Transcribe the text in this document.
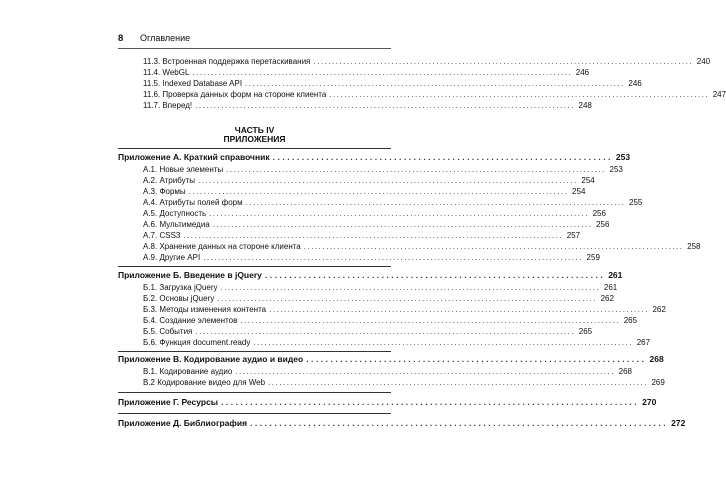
8 Оглавление
11.3. Встроенная поддержка перетаскивания ...................................................................................................... 240
11.4. WebGL ...................................................................................................... 246
11.5. Indexed Database API ...................................................................................................... 246
11.6. Проверка данных форм на стороне клиента ...................................................................................................... 247
11.7. Вперед! ...................................................................................................... 248
ЧАСТЬ IV
ПРИЛОЖЕНИЯ
Приложение А. Краткий справочник ...................................................................... 253
А.1. Новые элементы ...................................................................................................... 253
А.2. Атрибуты ...................................................................................................... 254
А.3. Формы ...................................................................................................... 254
А.4. Атрибуты полей форм ...................................................................................................... 255
А.5. Доступность ...................................................................................................... 256
А.6. Мультимедиа ...................................................................................................... 256
А.7. CSS3 ...................................................................................................... 257
А.8. Хранение данных на стороне клиента ...................................................................................................... 258
А.9. Другие API ...................................................................................................... 259
Приложение Б. Введение в jQuery ...................................................................... 261
Б.1. Загрузка jQuery ...................................................................................................... 261
Б.2. Основы jQuery ...................................................................................................... 262
Б.3. Методы изменения контента ...................................................................................................... 262
Б.4. Создание элементов ...................................................................................................... 265
Б.5. События ...................................................................................................... 265
Б.6. Функция document.ready ...................................................................................................... 267
Приложение В. Кодирование аудио и видео ...................................................................... 268
В.1. Кодирование аудио ...................................................................................................... 268
В.2 Кодирование видео для Web ...................................................................................................... 269
Приложение Г. Ресурсы ...................................................................................... 270
Приложение Д. Библиография ...................................................................................... 272
